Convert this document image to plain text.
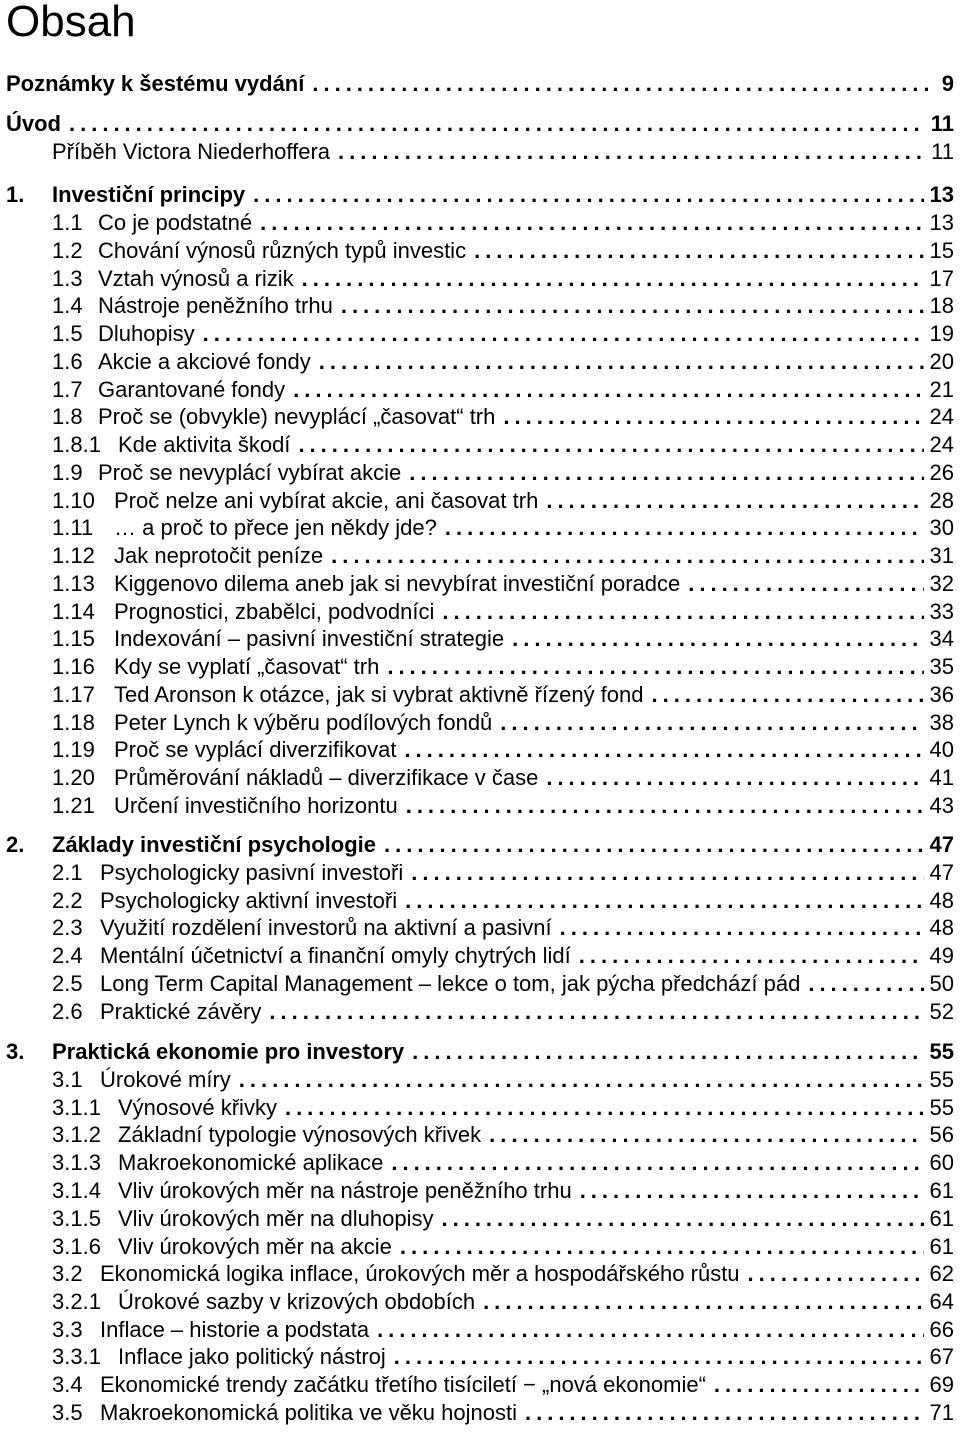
Obsah
Poznámky k šestému vydání .....	9
Úvod .....	11
Příběh Victora Niederhoffera .....	11
1.	Investiční principy .....	13
1.1 Co je podstatné .....	13
1.2 Chování výnosů různých typů investic .....	15
1.3 Vztah výnosů a rizik .....	17
1.4 Nástroje peněžního trhu .....	18
1.5 Dluhopisy .....	19
1.6 Akcie a akciové fondy .....	20
1.7 Garantované fondy .....	21
1.8 Proč se (obvykle) nevyplácí „časovat“ trh .....	24
1.8.1 Kde aktivita škodí .....	24
1.9 Proč se nevyplácí vybírat akcie .....	26
1.10 Proč nelze ani vybírat akcie, ani časovat trh .....	28
1.11 … a proč to přece jen někdy jde? .....	30
1.12 Jak neprotočit peníze .....	31
1.13 Kiggenovo dilema aneb jak si nevybírat investiční poradce .....	32
1.14 Prognostici, zbabělci, podvodníci .....	33
1.15 Indexování – pasivní investiční strategie .....	34
1.16 Kdy se vyplatí „časovat“ trh .....	35
1.17 Ted Aronson k otázce, jak si vybrat aktivně řízený fond .....	36
1.18 Peter Lynch k výběru podílových fondů .....	38
1.19 Proč se vyplácí diverzifikovat .....	40
1.20 Průměrování nákladů – diverzifikace v čase .....	41
1.21 Určení investičního horizontu .....	43
2.	Základy investiční psychologie .....	47
2.1 Psychologicky pasivní investoři .....	47
2.2 Psychologicky aktivní investoři .....	48
2.3 Využití rozdělení investorů na aktivní a pasivní .....	48
2.4 Mentální účetnictví a finanční omyly chytrých lidí .....	49
2.5 Long Term Capital Management – lekce o tom, jak pýcha předchází pád .....	50
2.6 Praktické závěry .....	52
3.	Praktická ekonomie pro investory .....	55
3.1 Úrokové míry .....	55
3.1.1 Výnosové křivky .....	55
3.1.2 Základní typologie výnosových křivek .....	56
3.1.3 Makroekonomické aplikace .....	60
3.1.4 Vliv úrokových měr na nástroje peněžního trhu .....	61
3.1.5 Vliv úrokových měr na dluhopisy .....	61
3.1.6 Vliv úrokových měr na akcie .....	61
3.2 Ekonomická logika inflace, úrokových měr a hospodářského růstu .....	62
3.2.1 Úrokové sazby v krizových obdobích .....	64
3.3 Inflace – historie a podstata .....	66
3.3.1 Inflace jako politický nástroj .....	67
3.4 Ekonomické trendy začátku třetího tisíciletí − „nová ekonomie“ .....	69
3.5 Makroekonomická politika ve věku hojnosti .....	71
